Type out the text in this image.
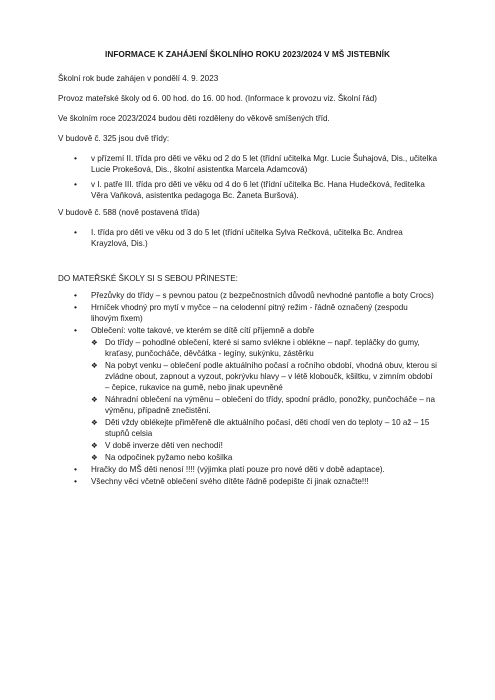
INFORMACE K ZAHÁJENÍ ŠKOLNÍHO ROKU 2023/2024 V MŠ JISTEBNÍK

Školní rok bude zahájen v pondělí 4. 9. 2023

Provoz mateřské školy od 6. 00 hod. do 16. 00 hod. (Informace k provozu viz. Školní řád)

Ve školním roce 2023/2024 budou děti rozděleny do věkově smíšených tříd.

V budově č. 325 jsou dvě třídy:

• v přízemí II. třída pro děti ve věku od 2 do 5 let (třídní učitelka Mgr. Lucie Šuhajová, Dis., učitelka Lucie Prokešová, Dis., školní asistentka Marcela Adamcová)
• v I. patře III. třída pro děti ve věku od 4 do 6 let (třídní učitelka Bc. Hana Hudečková, ředitelka Věra Vaňková, asistentka pedagoga Bc. Žaneta Buršová).

V budově č. 588 (nově postavená třída)

• I. třída pro děti ve věku od 3 do 5 let (třídní učitelka Sylva Rečková, učitelka Bc. Andrea Krayzlová, Dis.)

DO MATEŘSKÉ ŠKOLY SI S SEBOU PŘINESTE:

• Přezůvky do třídy – s pevnou patou (z bezpečnostních důvodů nevhodné pantofle a boty Crocs)
• Hrníček vhodný pro mytí v myčce – na celodenní pitný režim - řádně označený (zespodu lihovým fixem)
• Oblečení: volte takové, ve kterém se dítě cítí příjemně a dobře
❖ Do třídy – pohodlné oblečení, které si samo svlékne i oblékne – např. tepláčky do gumy, kraťasy, punčocháče, děvčátka - legíny, sukýnku, zástěrku
❖ Na pobyt venku – oblečení podle aktuálního počasí a ročního období, vhodná obuv, kterou si zvládne obout, zapnout a vyzout, pokrývku hlavy – v létě kloboučk, kšiltku, v zimním období – čepice, rukavice na gumě, nebo jinak upevněné
❖ Náhradní oblečení na výměnu – oblečení do třídy, spodní prádlo, ponožky, punčocháče – na výměnu, případně znečistění.
❖ Děti vždy oblékejte přiměřeně dle aktuálního počasí, děti chodí ven do teploty – 10 až – 15 stupňů celsia
❖ V době inverze děti ven nechodí!
❖ Na odpočinek pyžamo nebo košilka
• Hračky do MŠ děti nenosí !!!! (výjimka platí pouze pro nové děti v době adaptace).
• Všechny věci včetně oblečení svého dítěte řádně podepište či jinak označte!!!
